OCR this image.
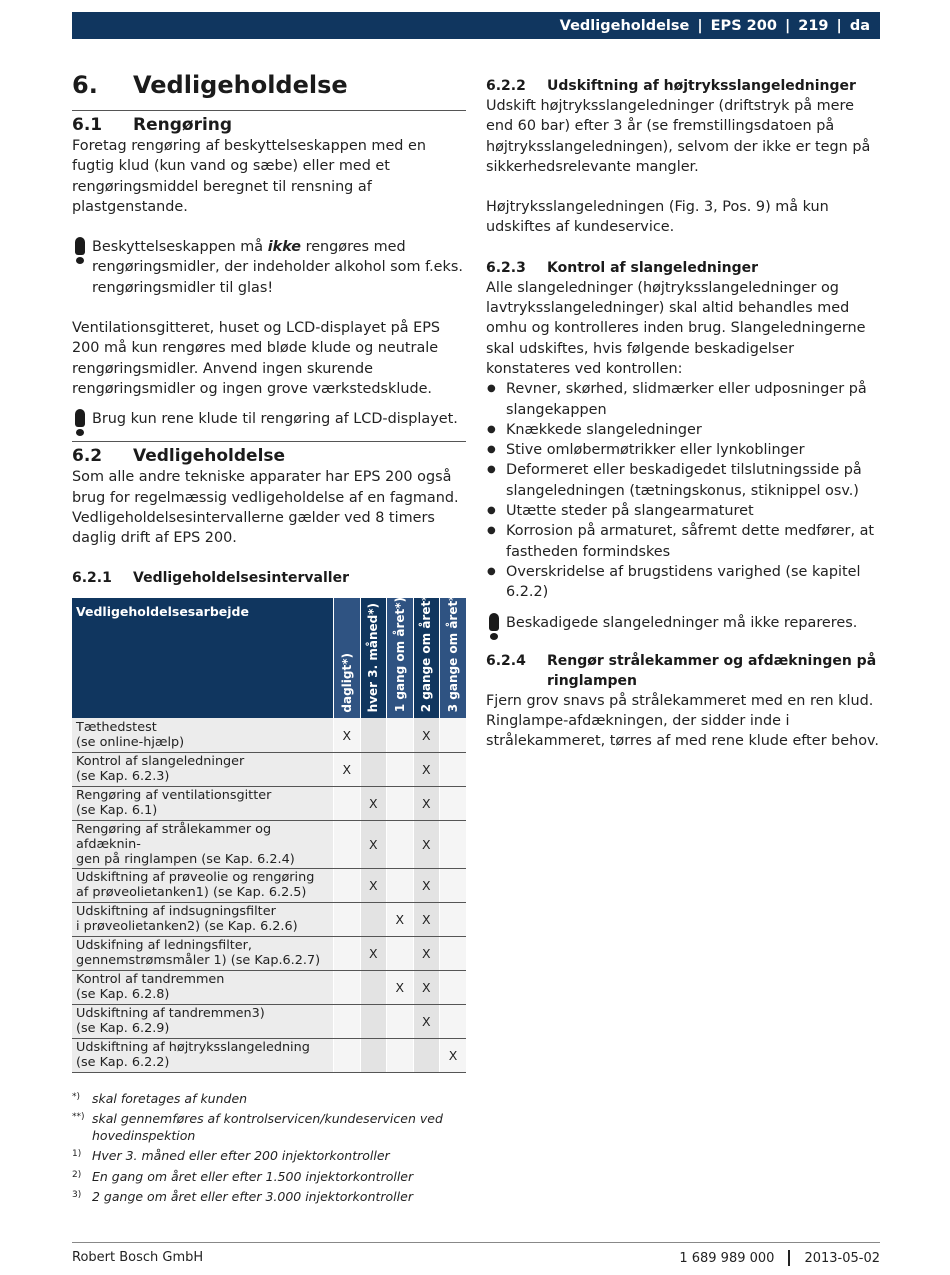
Vedligeholdelse | EPS 200 | 219 | da
6.	Vedligeholdelse
6.1	Rengøring

Foretag rengøring af beskyttelseskappen med en fugtig klud (kun vand og sæbe) eller med et rengøringsmiddel beregnet til rensning af plastgenstande.

Beskyttelseskappen må ikke rengøres med rengøringsmidler, der indeholder alkohol som f.eks. rengøringsmidler til glas!

Ventilationsgitteret, huset og LCD-displayet på EPS 200 må kun rengøres med bløde klude og neutrale rengøringsmidler. Anvend ingen skurende rengøringsmidler og ingen grove værkstedsklude.

Brug kun rene klude til rengøring af LCD-displayet.

6.2	Vedligeholdelse

Som alle andre tekniske apparater har EPS 200 også brug for regelmæssig vedligeholdelse af en fagmand. Vedligeholdelsesintervallerne gælder ved 8 timers daglig drift af EPS 200.

6.2.1	Vedligeholdelsesintervaller
Vedligeholdelsesarbejde	dagligt*)	hver 3. måned*)	1 gang om året*)	2 gange om året*)	3 gange om året*)

Tæthedstest
(se online-hjælp)	X			X	

Kontrol af slangeledninger
(se Kap. 6.2.3)	X			X	

Rengøring af ventilationsgitter
(se Kap. 6.1)		X		X	

Rengøring af strålekammer og afdæknin-
gen på ringlampen (se Kap. 6.2.4)		X		X	

Udskiftning af prøveolie og rengøring
af prøveolietanken1) (se Kap. 6.2.5)		X		X	

Udskiftning af indsugningsfilter
i prøveolietanken2) (se Kap. 6.2.6)			X	X	

Udskifning af ledningsfilter,
gennemstrømsmåler 1) (se Kap.6.2.7)		X		X	

Kontrol af tandremmen
(se Kap. 6.2.8)			X	X	

Udskiftning af tandremmen3)
(se Kap. 6.2.9)				X	

Udskiftning af højtryksslangeledning
(se Kap. 6.2.2)					X
*) skal foretages af kunden
**) skal gennemføres af kontrolservicen/kundeservicen ved hovedinspektion
1) Hver 3. måned eller efter 200 injektorkontroller
2) En gang om året eller efter 1.500 injektorkontroller
3) 2 gange om året eller efter 3.000 injektorkontroller
6.2.2	Udskiftning af højtryksslangeledninger

Udskift højtryksslangeledninger (driftstryk på mere end 60 bar) efter 3 år (se fremstillingsdatoen på højtryksslangeledningen), selvom der ikke er tegn på sikkerhedsrelevante mangler.

Højtryksslangeledningen (Fig. 3, Pos. 9) må kun udskiftes af kundeservice.

6.2.3	Kontrol af slangeledninger

Alle slangeledninger (højtryksslangeledninger og lavtryksslangeledninger) skal altid behandles med omhu og kontrolleres inden brug. Slangeledningerne skal udskiftes, hvis følgende beskadigelser konstateres ved kontrollen:

● Revner, skørhed, slidmærker eller udposninger på slangekappen
● Knækkede slangeledninger
● Stive omløbermøtrikker eller lynkoblinger
● Deformeret eller beskadigedet tilslutningsside på slangeledningen (tætningskonus, stiknippel osv.)
● Utætte steder på slangearmaturet
● Korrosion på armaturet, såfremt dette medfører, at fastheden formindskes
● Overskridelse af brugstidens varighed (se kapitel 6.2.2)

Beskadigede slangeledninger må ikke repareres.

6.2.4	Rengør strålekammer og afdækningen på ringlampen

Fjern grov snavs på strålekammeret med en ren klud. Ringlampe-afdækningen, der sidder inde i strålekammeret, tørres af med rene klude efter behov.

Robert Bosch GmbH	1 689 989 000 2013-05-02
